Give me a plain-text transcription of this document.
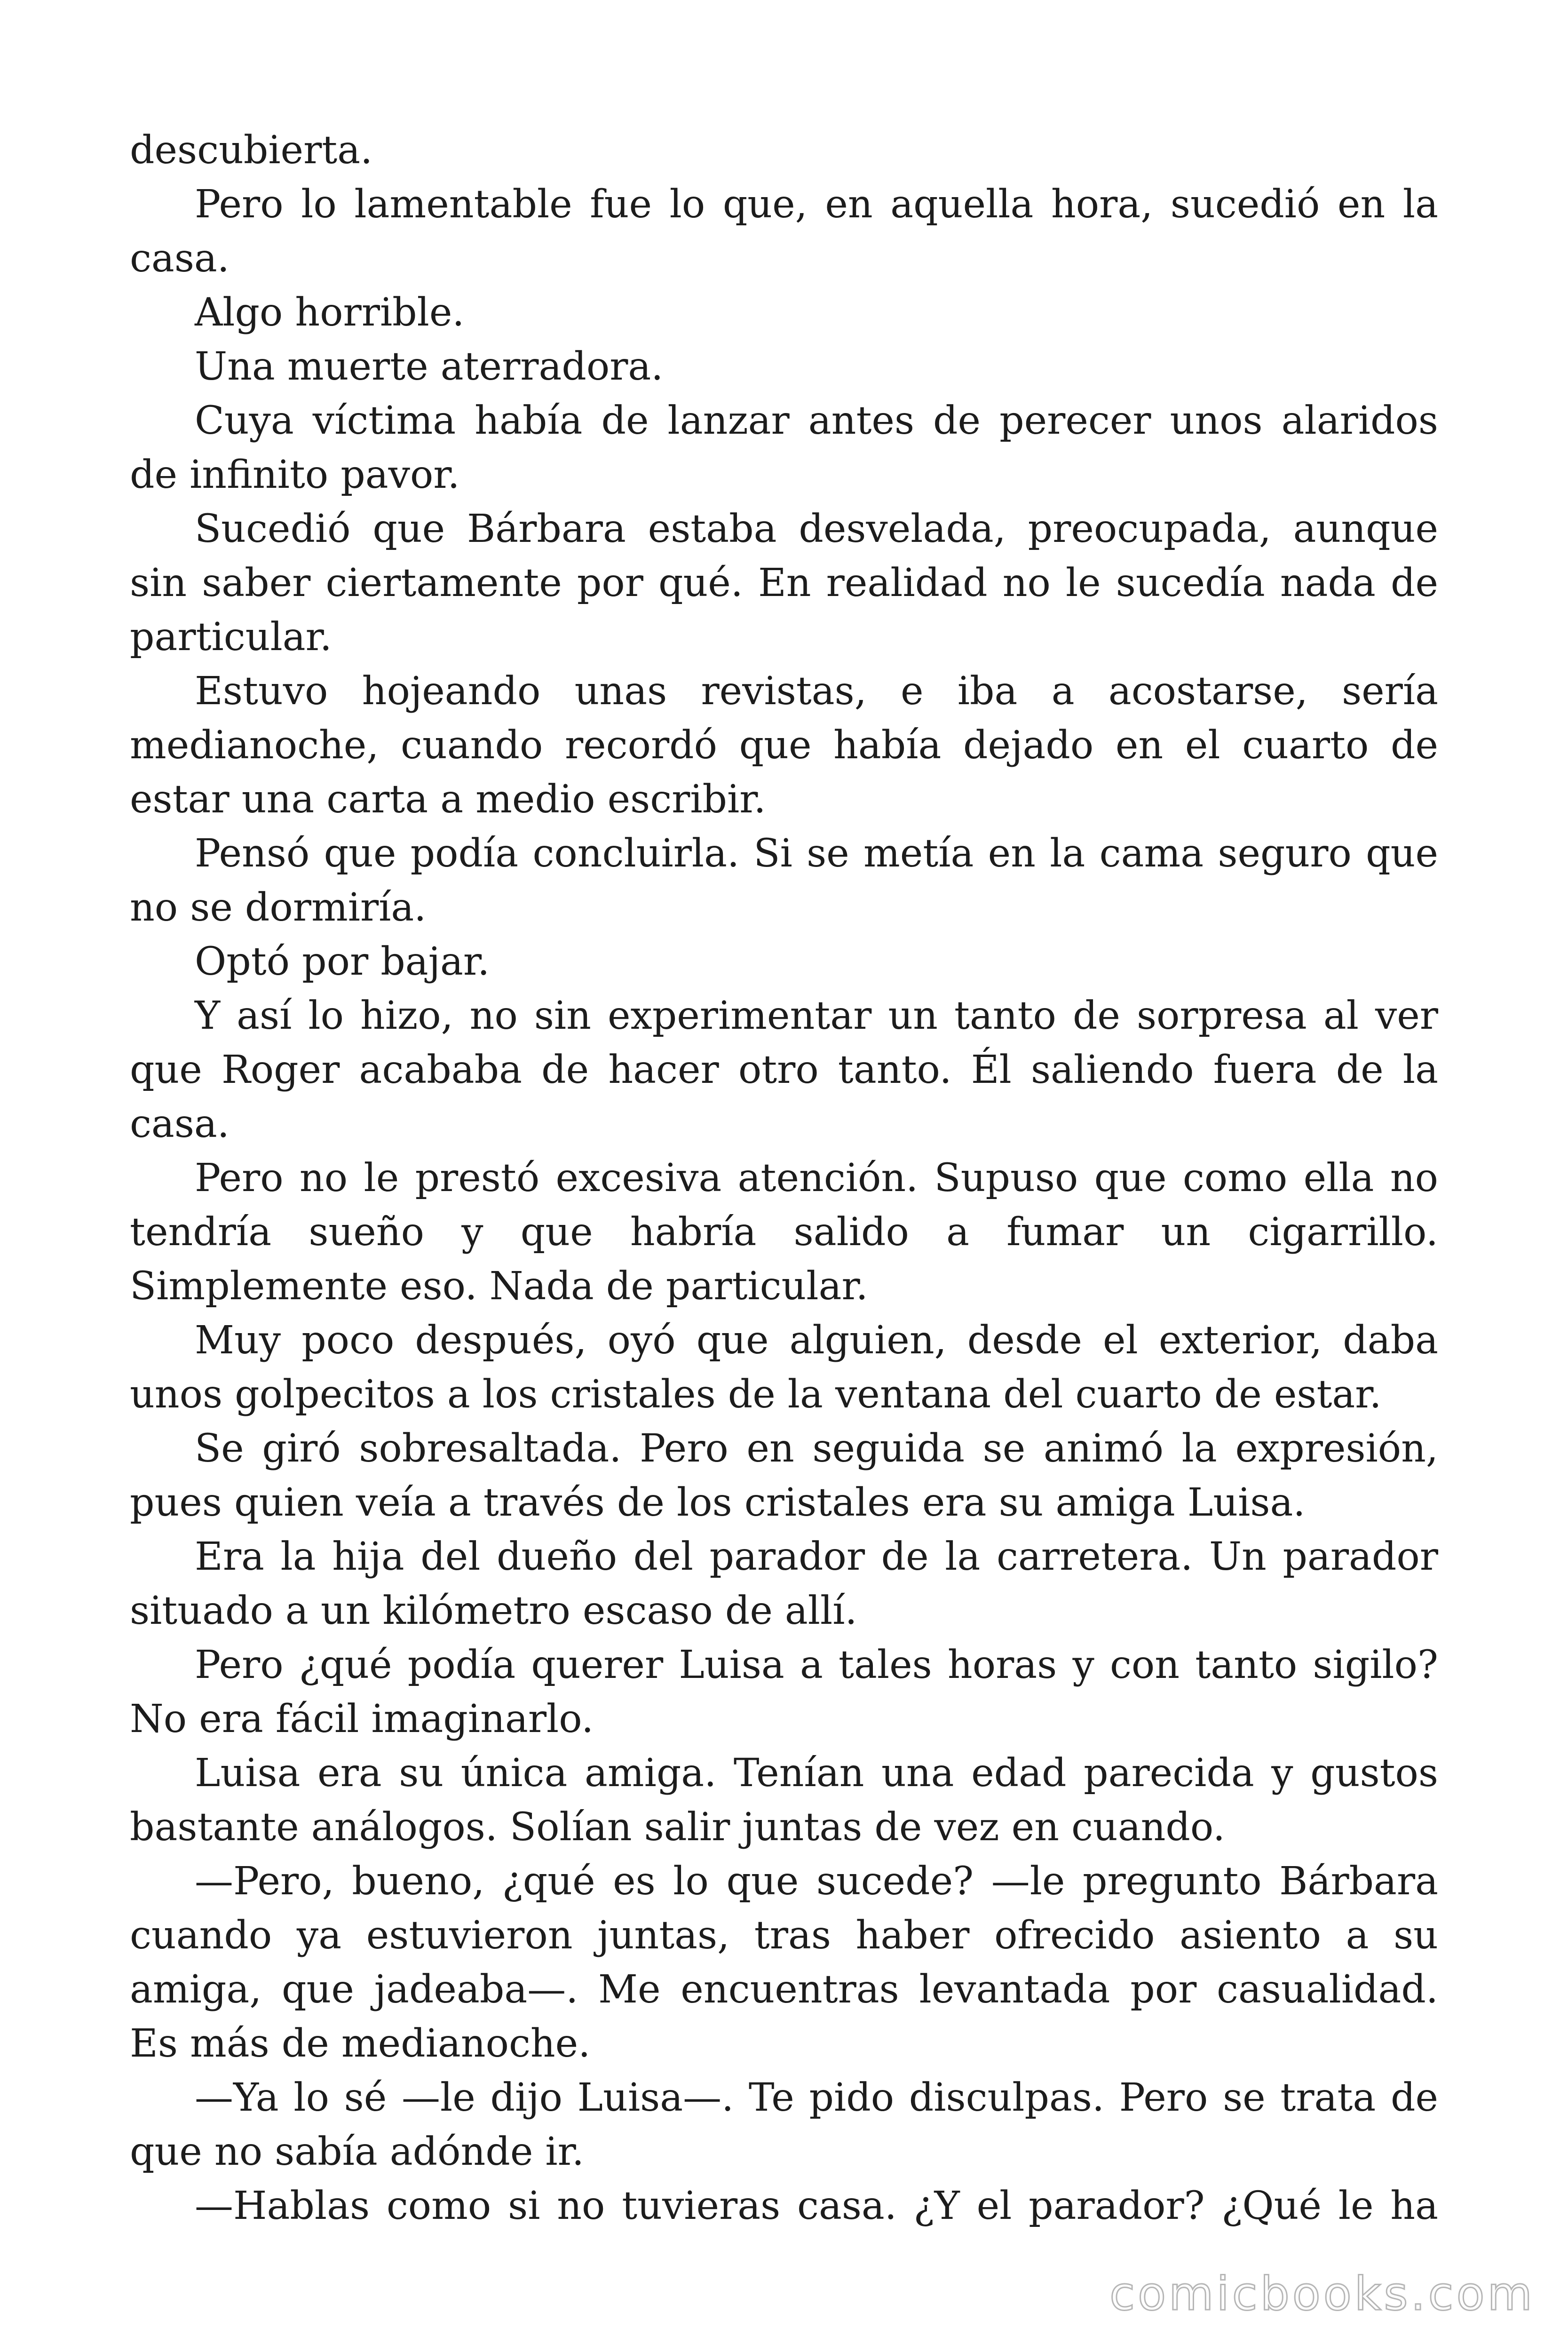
descubierta.

Pero lo lamentable fue lo que, en aquella hora, sucedió en la casa.

Algo horrible.

Una muerte aterradora.

Cuya víctima había de lanzar antes de perecer unos alaridos de infinito pavor.

Sucedió que Bárbara estaba desvelada, preocupada, aunque sin saber ciertamente por qué. En realidad no le sucedía nada de particular.

Estuvo hojeando unas revistas, e iba a acostarse, sería medianoche, cuando recordó que había dejado en el cuarto de estar una carta a medio escribir.

Pensó que podía concluirla. Si se metía en la cama seguro que no se dormiría.

Optó por bajar.

Y así lo hizo, no sin experimentar un tanto de sorpresa al ver que Roger acababa de hacer otro tanto. Él saliendo fuera de la casa.

Pero no le prestó excesiva atención. Supuso que como ella no tendría sueño y que habría salido a fumar un cigarrillo. Simplemente eso. Nada de particular.

Muy poco después, oyó que alguien, desde el exterior, daba unos golpecitos a los cristales de la ventana del cuarto de estar.

Se giró sobresaltada. Pero en seguida se animó la expresión, pues quien veía a través de los cristales era su amiga Luisa.

Era la hija del dueño del parador de la carretera. Un parador situado a un kilómetro escaso de allí.

Pero ¿qué podía querer Luisa a tales horas y con tanto sigilo? No era fácil imaginarlo.

Luisa era su única amiga. Tenían una edad parecida y gustos bastante análogos. Solían salir juntas de vez en cuando.

—Pero, bueno, ¿qué es lo que sucede? —le pregunto Bárbara cuando ya estuvieron juntas, tras haber ofrecido asiento a su amiga, que jadeaba—. Me encuentras levantada por casualidad. Es más de medianoche.

—Ya lo sé —le dijo Luisa—. Te pido disculpas. Pero se trata de que no sabía adónde ir.

—Hablas como si no tuvieras casa. ¿Y el parador? ¿Qué le ha

comicbooks.com
